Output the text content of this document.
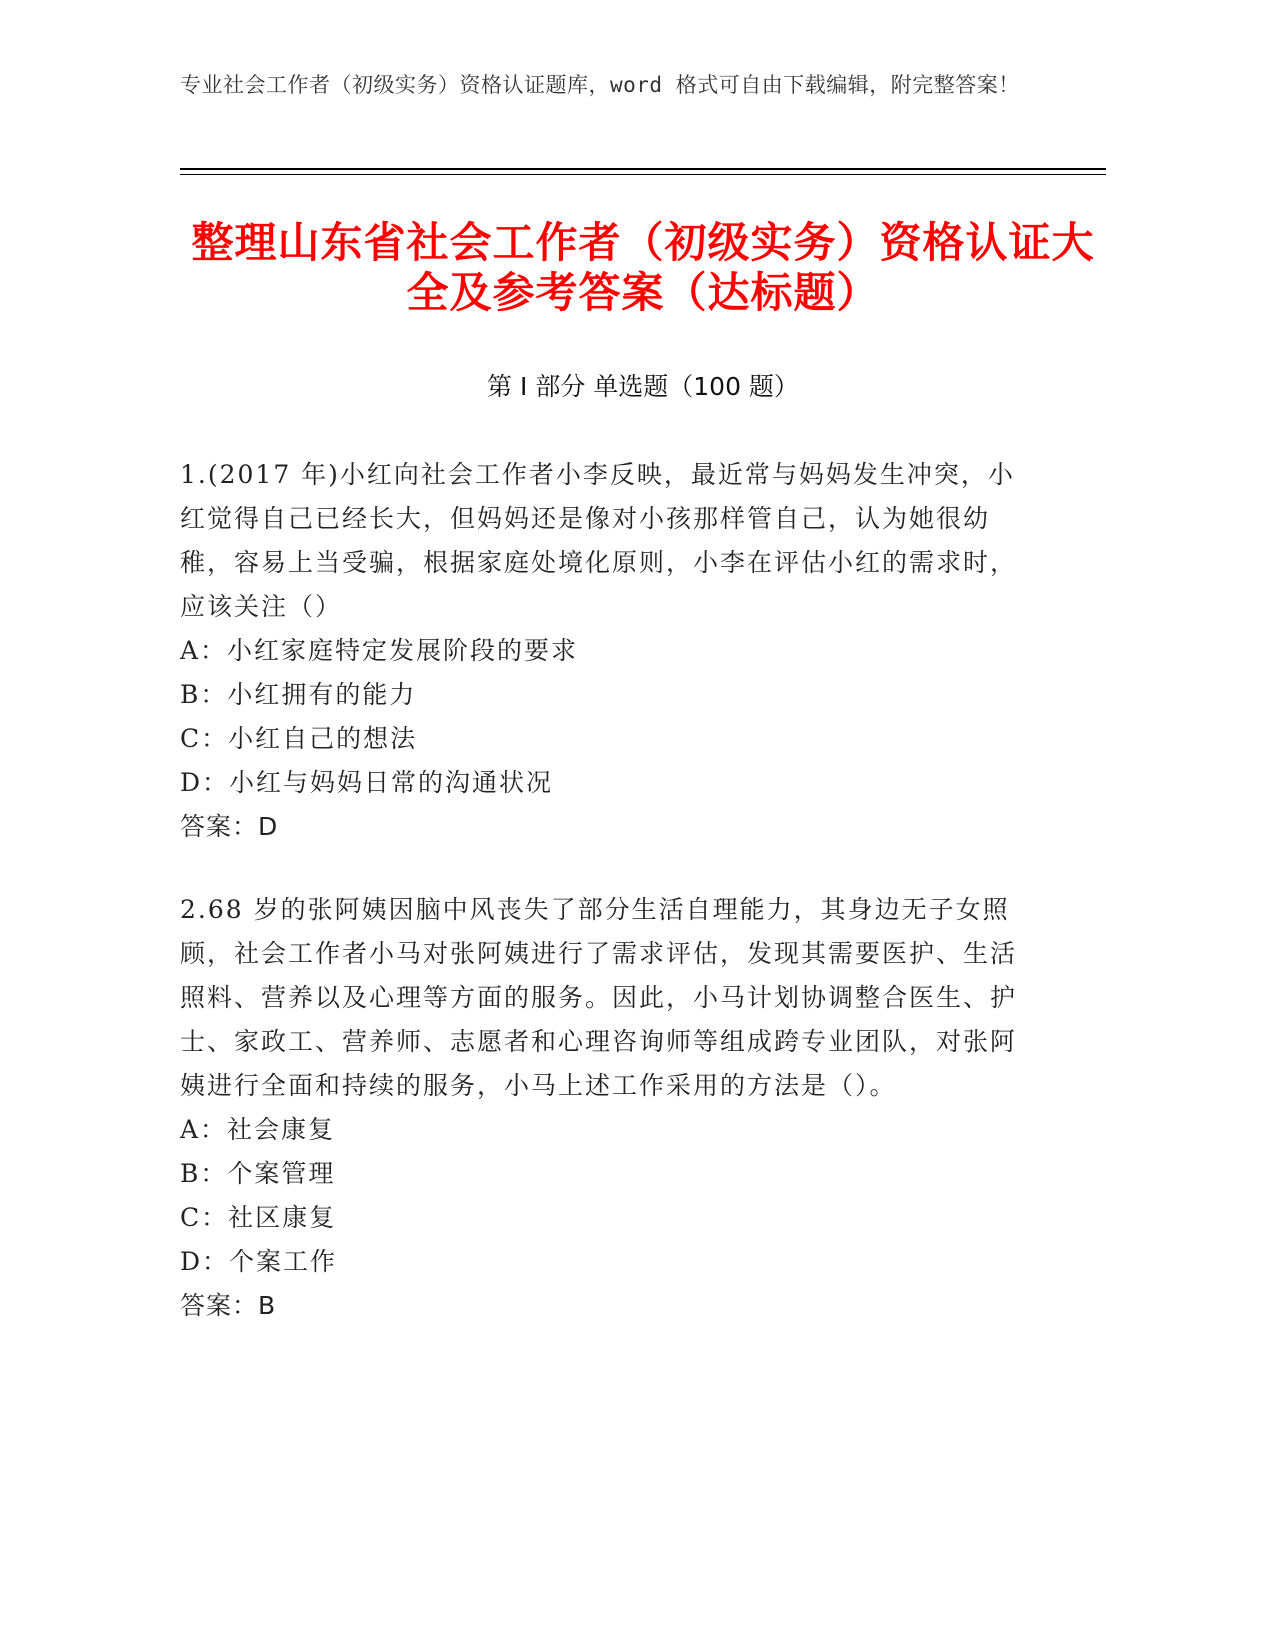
专业社会工作者（初级实务）资格认证题库，word 格式可自由下载编辑，附完整答案！
整理山东省社会工作者（初级实务）资格认证大全及参考答案（达标题）
第 I 部分 单选题（100 题）
1.(2017 年)小红向社会工作者小李反映，最近常与妈妈发生冲突，小红觉得自己已经长大，但妈妈还是像对小孩那样管自己，认为她很幼稚，容易上当受骗，根据家庭处境化原则，小李在评估小红的需求时，应该关注（）
A：小红家庭特定发展阶段的要求
B：小红拥有的能力
C：小红自己的想法
D：小红与妈妈日常的沟通状况
答案：D
2.68 岁的张阿姨因脑中风丧失了部分生活自理能力，其身边无子女照顾，社会工作者小马对张阿姨进行了需求评估，发现其需要医护、生活照料、营养以及心理等方面的服务。因此，小马计划协调整合医生、护士、家政工、营养师、志愿者和心理咨询师等组成跨专业团队，对张阿姨进行全面和持续的服务，小马上述工作采用的方法是（）。
A：社会康复
B：个案管理
C：社区康复
D：个案工作
答案：B
